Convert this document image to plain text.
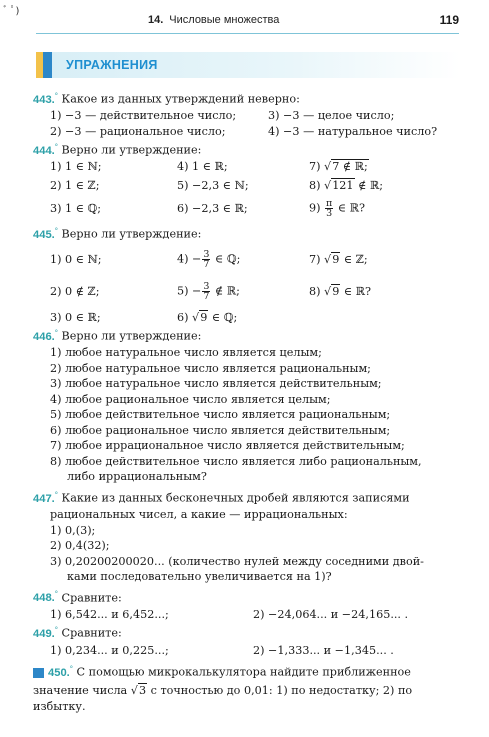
ﾞ ﾟ)
14. Числовые множества	119
УПРАЖНЕНИЯ
443.° Какое из данных утверждений неверно:
1) −3 — действительное число;	3) −3 — целое число;
2) −3 — рациональное число;	4) −3 — натуральное число?
444.° Верно ли утверждение:
1) 1 ∈ ℕ;	4) 1 ∈ ℝ;	7) √7 ∉ ℝ;
2) 1 ∈ ℤ;	5) −2,3 ∈ ℕ;	8) √121 ∉ ℝ;
3) 1 ∈ ℚ;	6) −2,3 ∈ ℝ;	$9) \frac{\pi}{3}$ ∈ ℝ?
445.° Верно ли утверждение:
1) 0 ∈ ℕ;	$4) - \frac{3}{7}$ ∈ ℚ;	7) √9 ∈ ℤ;
2) 0 ∉ ℤ;	$5) - \frac{3}{7}$ ∉ ℝ;	8) √9 ∈ ℝ?
3) 0 ∈ ℝ;	6) √9 ∈ ℚ;
446.° Верно ли утверждение:
1) любое натуральное число является целым;
2) любое натуральное число является рациональным;
3) любое натуральное число является действительным;
4) любое рациональное число является целым;
5) любое действительное число является рациональным;
6) любое рациональное число является действительным;
7) любое иррациональное число является действительным;
8) любое действительное число является либо рациональным,
либо иррациональным?
447.° Какие из данных бесконечных дробей являются записями
рациональных чисел, а какие — иррациональных:
1) 0,(3);
2) 0,4(32);
3) 0,20200200020... (количество нулей между соседними двой-
ками последовательно увеличивается на 1)?
448.° Сравните:
1) 6,542... и 6,452...;	2) −24,064... и −24,165... .
449.° Сравните:
1) 0,234... и 0,225...;	2) −1,333... и −1,345... .
450.° С помощью микрокалькулятора найдите приближенное
значение числа √3 с точностью до 0,01: 1) по недостатку; 2) по
избытку.
